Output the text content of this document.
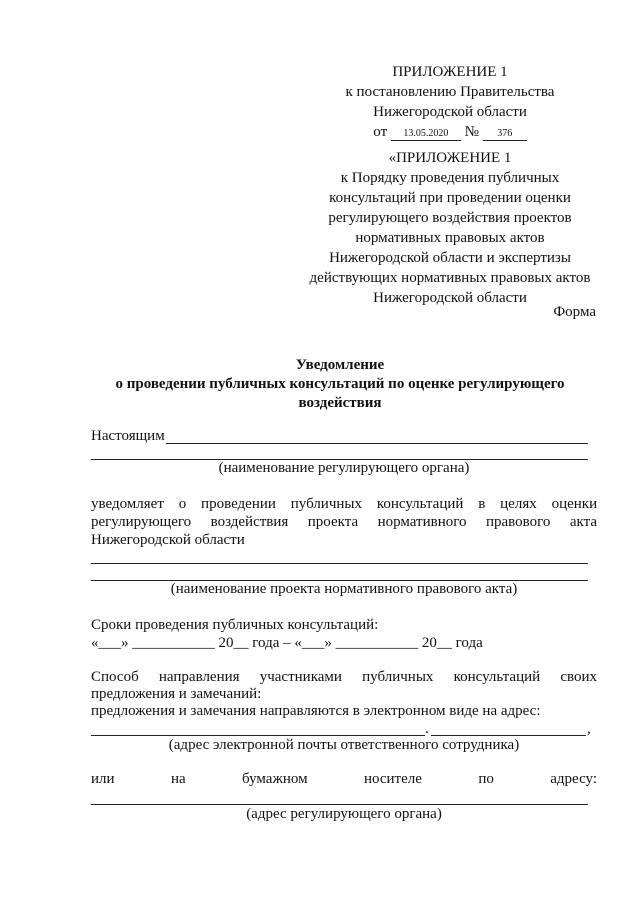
ПРИЛОЖЕНИЕ 1
к постановлению Правительства
Нижегородской области
от 13.05.2020 № 376
«ПРИЛОЖЕНИЕ 1
к Порядку проведения публичных
консультаций при проведении оценки
регулирующего воздействия проектов
нормативных правовых актов
Нижегородской области и экспертизы
действующих нормативных правовых актов
Нижегородской области
Форма
Уведомление
о проведении публичных консультаций по оценке регулирующего
воздействия
Настоящим
(наименование регулирующего органа)
уведомляет о проведении публичных консультаций в целях оценки
регулирующего воздействия проекта нормативного правового акта
Нижегородской области
(наименование проекта нормативного правового акта)
Сроки проведения публичных консультаций:
«___» ___________ 20__ года – «___» ___________ 20__ года
Способ направления участниками публичных консультаций своих
предложения и замечаний:
предложения и замечания направляются в электронном виде на адрес:
.	,
(адрес электронной почты ответственного сотрудника)
или	на	бумажном	носителе	по	адресу:
(адрес регулирующего органа)
